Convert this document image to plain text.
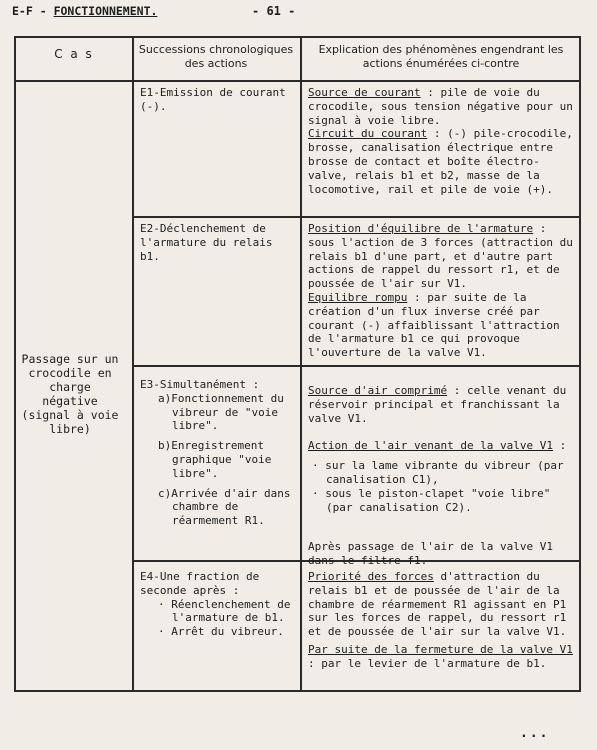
E-F - FONCTIONNEMENT.	- 61 -
C a s	Successions chronologiques des actions
Explication des phénomènes engendrant les actions énumérées ci-contre
Passage sur un crocodile en charge négative (signal à voie libre)
E1-Emission de courant (-).

Source de courant : pile de voie du crocodile, sous tension négative pour un signal à voie libre.

Circuit du courant : (-) pile-crocodile, brosse, canalisation électrique entre brosse de contact et boîte électro-valve, relais b1 et b2, masse de la locomotive, rail et pile de voie (+).

E2-Déclenchement de l'armature du relais b1.

Position d'équilibre de l'armature : sous l'action de 3 forces (attraction du relais b1 d'une part, et d'autre part actions de rappel du ressort r1, et de poussée de l'air sur V1.

Equilibre rompu : par suite de la création d'un flux inverse créé par courant (-) affaiblissant l'attraction de l'armature b1 ce qui provoque l'ouverture de la valve V1.

E3-Simultanément :

a)Fonctionnement du vibreur de "voie libre".

b)Enregistrement graphique "voie libre".

c)Arrivée d'air dans chambre de réarmement R1.

Source d'air comprimé : celle venant du réservoir principal et franchissant la valve V1.

Action de l'air venant de la valve V1 :

· sur la lame vibrante du vibreur (par canalisation C1),

· sous le piston-clapet "voie libre" (par canalisation C2).

Après passage de l'air de la valve V1 dans le filtre f1.

E4-Une fraction de seconde après :

· Réenclenchement de l'armature de b1.

· Arrêt du vibreur.

Priorité des forces d'attraction du relais b1 et de poussée de l'air de la chambre de réarmement R1 agissant en P1 sur les forces de rappel, du ressort r1 et de poussée de l'air sur la valve V1.

Par suite de la fermeture de la valve V1 : par le levier de l'armature de b1.

...
